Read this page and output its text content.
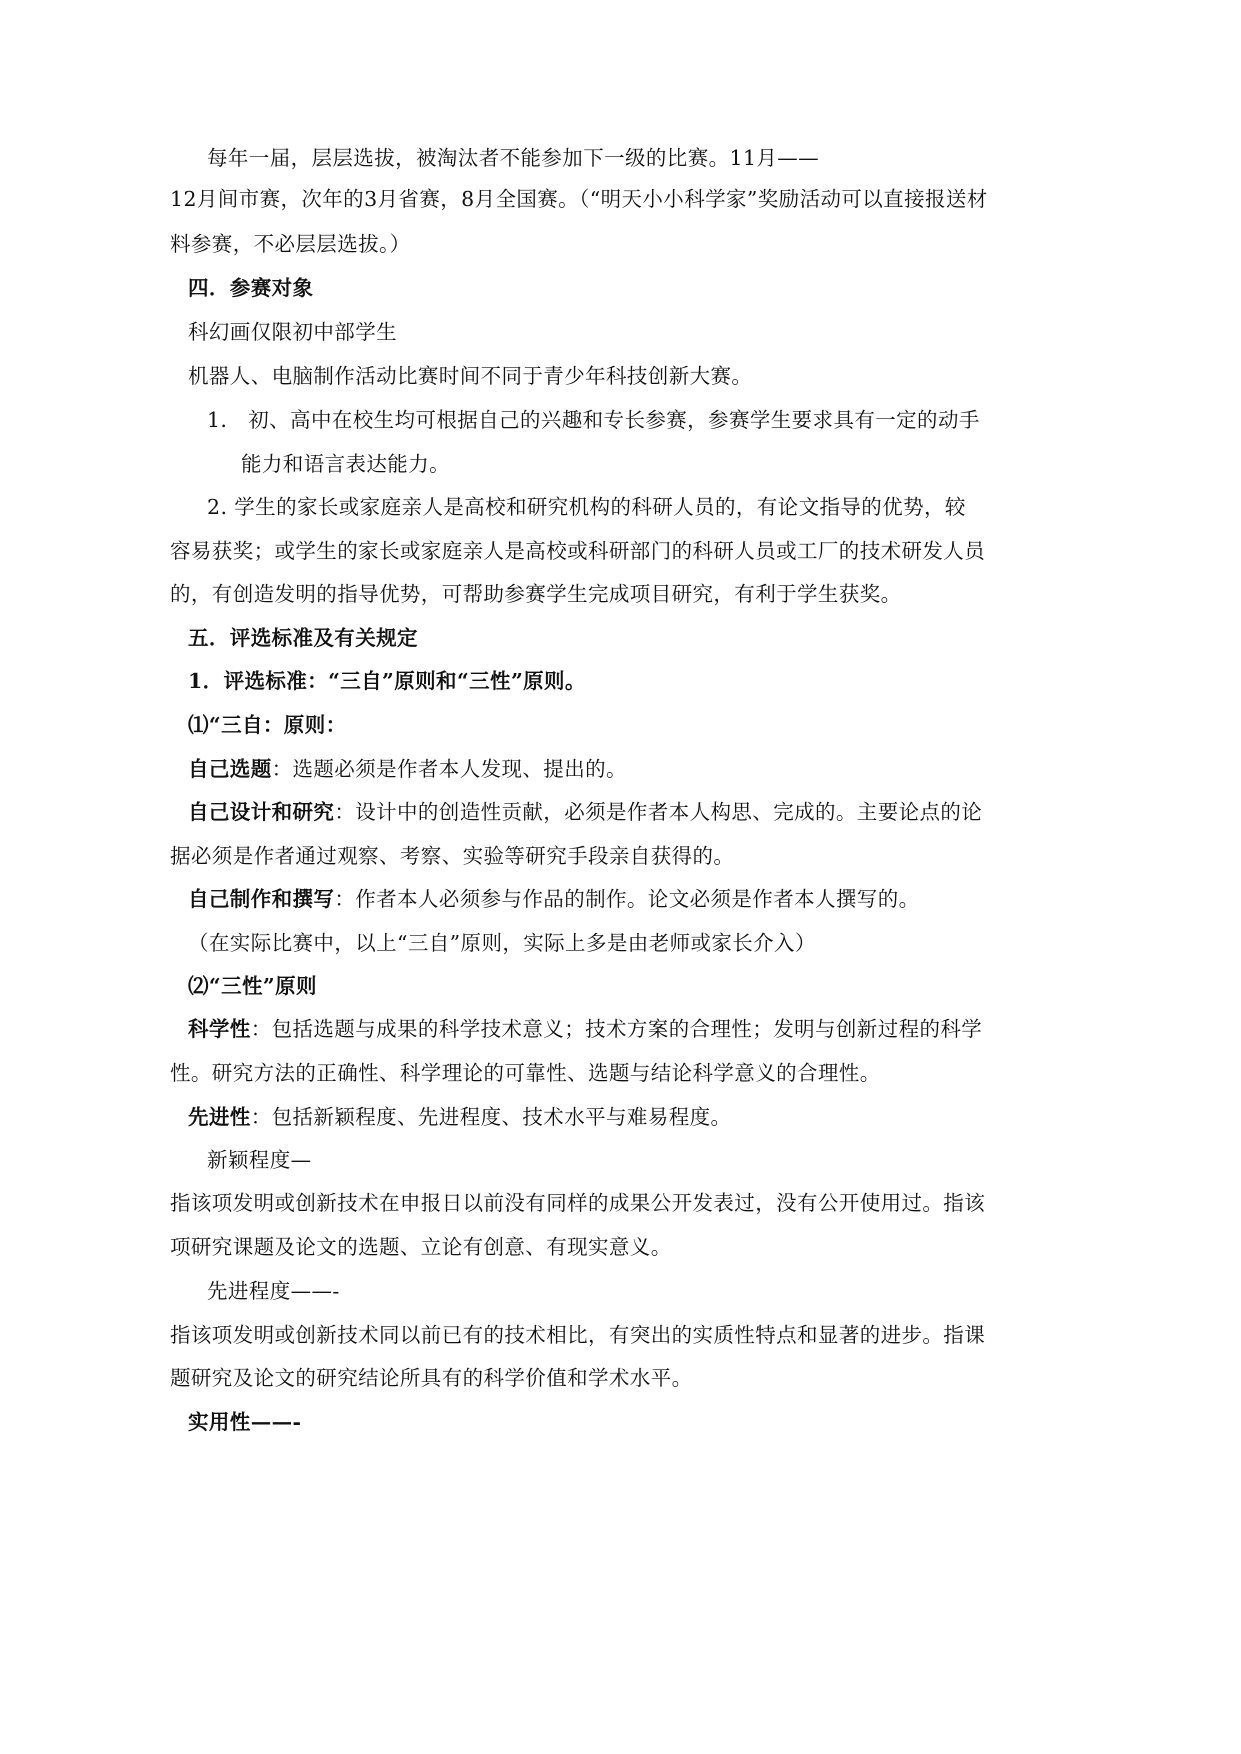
每年一届，层层选拔，被淘汰者不能参加下一级的比赛。11月——
12月间市赛，次年的3月省赛，8月全国赛。（“明天小小科学家”奖励活动可以直接报送材
料参赛，不必层层选拔。）
四．参赛对象
科幻画仅限初中部学生
机器人、电脑制作活动比赛时间不同于青少年科技创新大赛。
1． 初、高中在校生均可根据自己的兴趣和专长参赛，参赛学生要求具有一定的动手
能力和语言表达能力。
2. 学生的家长或家庭亲人是高校和研究机构的科研人员的，有论文指导的优势，较
容易获奖；或学生的家长或家庭亲人是高校或科研部门的科研人员或工厂的技术研发人员
的，有创造发明的指导优势，可帮助参赛学生完成项目研究，有利于学生获奖。
五．评选标准及有关规定
1．评选标准：“三自”原则和“三性”原则。
⑴“三自：原则：
自己选题：选题必须是作者本人发现、提出的。
自己设计和研究：设计中的创造性贡献，必须是作者本人构思、完成的。主要论点的论
据必须是作者通过观察、考察、实验等研究手段亲自获得的。
自己制作和撰写：作者本人必须参与作品的制作。论文必须是作者本人撰写的。
（在实际比赛中，以上“三自”原则，实际上多是由老师或家长介入）
⑵“三性”原则
科学性：包括选题与成果的科学技术意义；技术方案的合理性；发明与创新过程的科学
性。研究方法的正确性、科学理论的可靠性、选题与结论科学意义的合理性。
先进性：包括新颖程度、先进程度、技术水平与难易程度。
新颖程度—
指该项发明或创新技术在申报日以前没有同样的成果公开发表过，没有公开使用过。指该
项研究课题及论文的选题、立论有创意、有现实意义。
先进程度——-
指该项发明或创新技术同以前已有的技术相比，有突出的实质性特点和显著的进步。指课
题研究及论文的研究结论所具有的科学价值和学术水平。
实用性——-
